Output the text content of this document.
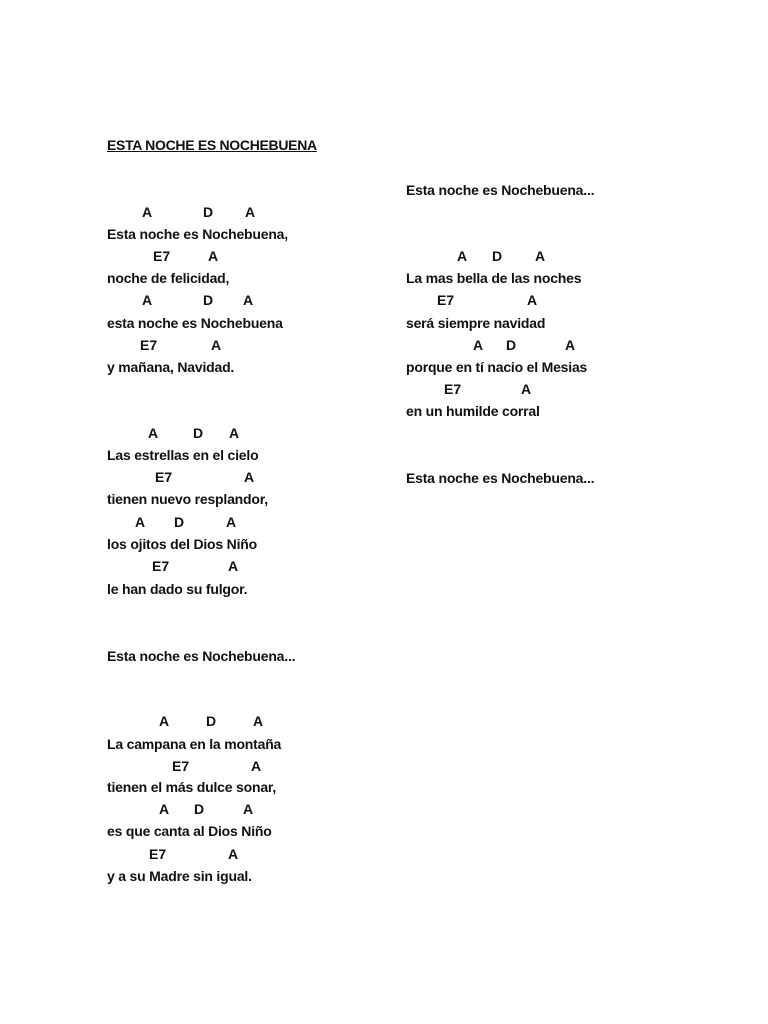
ESTA NOCHE ES NOCHEBUENA
A	D A
Esta noche es Nochebuena,
E7	A
noche de felicidad,
A	D A
esta noche es Nochebuena
E7	A
y mañana, Navidad.
A D A
Las estrellas en el cielo
E7	A
tienen nuevo resplandor,
A D	A
los ojitos del Dios Niño
E7	A
le han dado su fulgor.
Esta noche es Nochebuena...
A	D	A
La campana en la montaña
E7	A
tienen el más dulce sonar,
A D	A
es que canta al Dios Niño
E7	A
y a su Madre sin igual.
Esta noche es Nochebuena...
A D A
La mas bella de las noches
E7	A
será siempre navidad
A D	A
porque en tí nacio el Mesias
E7	A
en un humilde corral
Esta noche es Nochebuena...
